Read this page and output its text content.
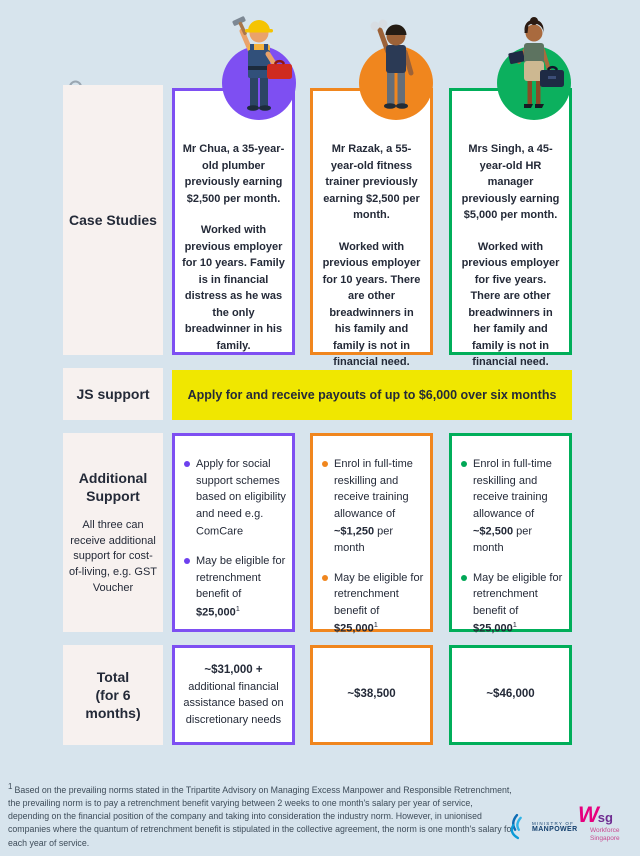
Case Studies
JS support
Additional Support
All three can receive additional support for cost-of-living, e.g. GST Voucher
Total
(for 6 months)

Mr Chua, a 35-year-old plumber previously earning $2,500 per month.

Worked with previous employer for 10 years. Family is in financial distress as he was the only breadwinner in his family.

Mr Razak, a 55-year-old fitness trainer previously earning $2,500 per month.

Worked with previous employer for 10 years. There are other breadwinners in his family and family is not in financial need.

Mrs Singh, a 45-year-old HR manager previously earning $5,000 per month.

Worked with previous employer for five years. There are other breadwinners in her family and family is not in financial need.

Apply for and receive payouts of up to $6,000 over six months
Apply for social support schemes based on eligibility and need e.g. ComCare
May be eligible for retrenchment benefit of $25,000$^1$
Enrol in full-time reskilling and receive training allowance of ~$1,250 per month
May be eligible for retrenchment benefit of $25,000$^1$
Enrol in full-time reskilling and receive training allowance of ~$2,500 per month
May be eligible for retrenchment benefit of $25,000$^1$
~$31,000 +
additional financial assistance based on discretionary needs
~$38,500	~$46,000
$^1$ Based on the prevailing norms stated in the Tripartite Advisory on Managing Excess Manpower and Responsible Retrenchment, the prevailing norm is to pay a retrenchment benefit varying between 2 weeks to one month's salary per year of service, depending on the financial position of the company and taking into consideration the industry norm. However, in unionised companies where the quantum of retrenchment benefit is stipulated in the collective agreement, the norm is one month's salary for each year of service.
MINISTRY OF
MANPOWER
Wsg
Workforce
Singapore
